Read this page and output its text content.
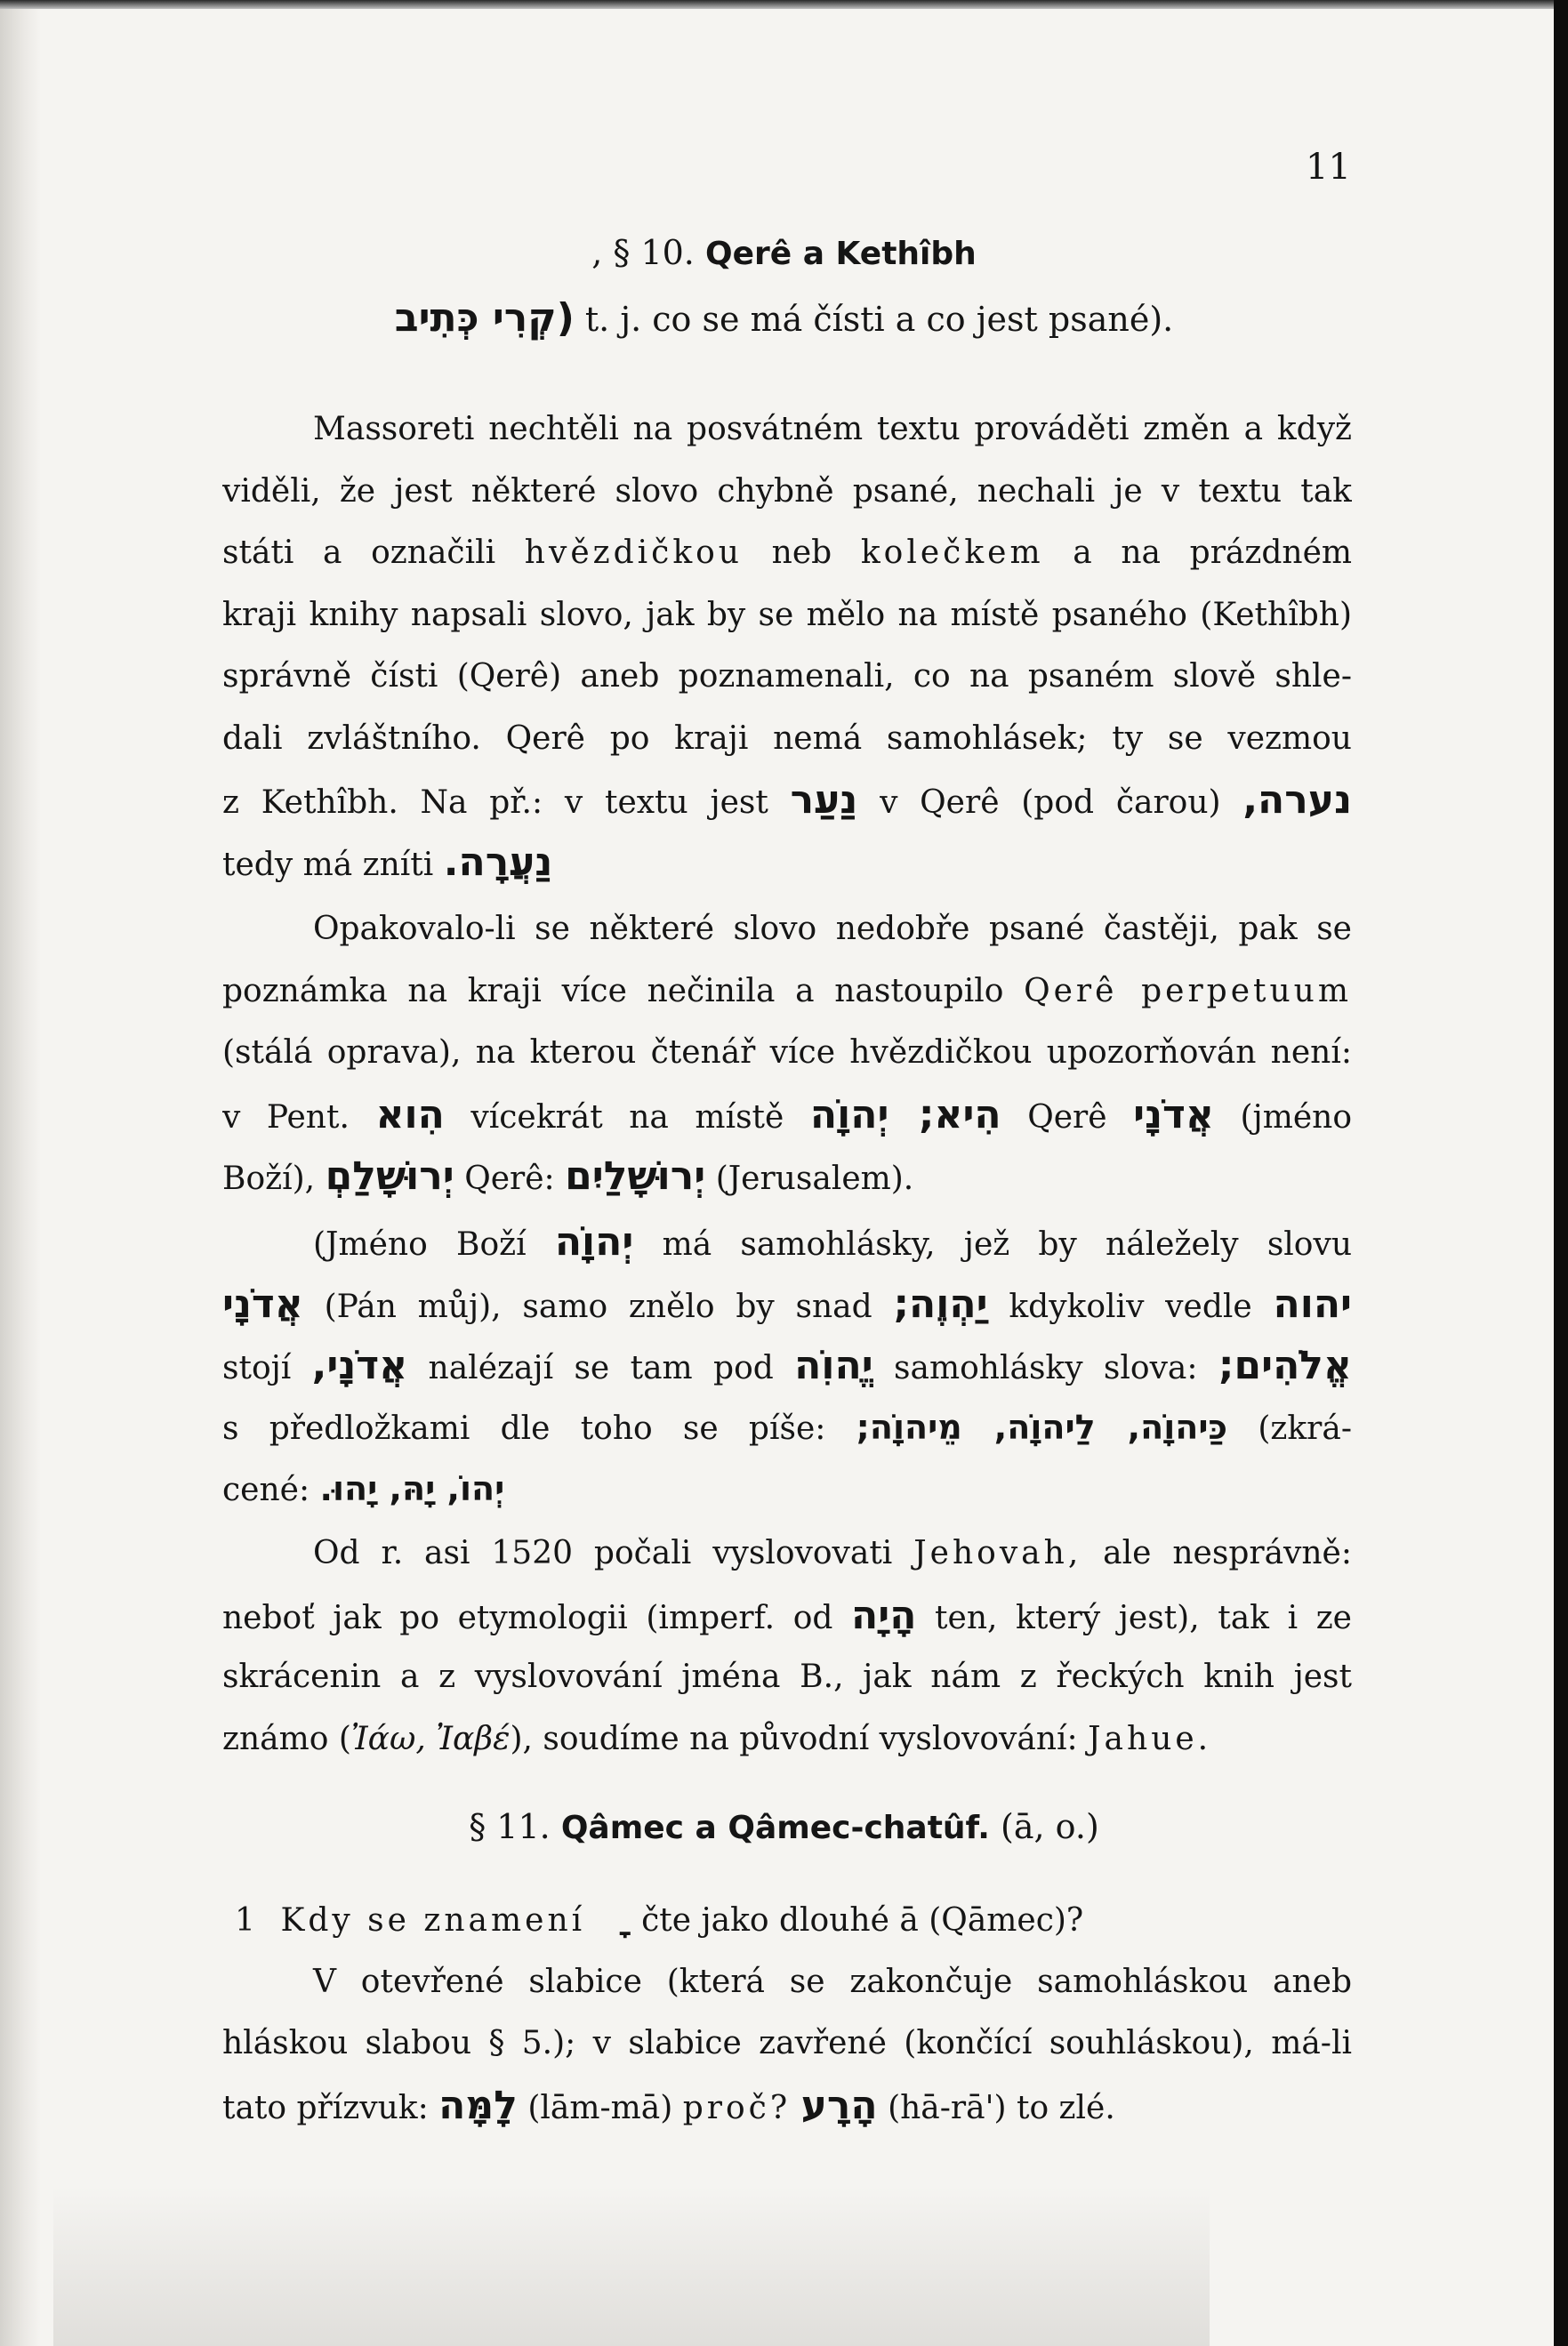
11
, § 10. Qerê a Kethîbh
(קְרִי כְּתִיב t. j. co se má čísti a co jest psané).
Massoreti nechtěli na posvátném textu prováděti změn a když
viděli, že jest některé slovo chybně psané, nechali je v textu tak
státi a označili hvězdičkou neb kolečkem a na prázdném
kraji knihy napsali slovo, jak by se mělo na místě psaného (Kethîbh)
správně čísti (Qerê) aneb poznamenali, co na psaném slově shle-
dali zvláštního. Qerê po kraji nemá samohlásek; ty se vezmou
z Kethîbh. Na př.: v textu jest נַעַר v Qerê (pod čarou) נערה,
tedy má zníti נַעֲרָה.
Opakovalo-li se některé slovo nedobře psané častěji, pak se
poznámka na kraji více nečinila a nastoupilo Qerê perpetuum
(stálá oprava), na kterou čtenář více hvězdičkou upozorňován není:
v Pent. הִוא vícekrát na místě הִיא; יְהוָֹה Qerê אֲדֹנָי (jméno
Boží), יְרוּשָׁלַםְ Qerê: יְרוּשָׁלַיִם (Jerusalem).
(Jméno Boží יְהוָֹה má samohlásky, jež by náležely slovu
אֲדֹנָי (Pán můj), samo znělo by snad יַהְוֶה; kdykoliv vedle יהוה
stojí אֲדֹנָי, nalézají se tam pod יֱהוִֹה samohlásky slova: אֱלֹהִים;
s předložkami dle toho se píše: כַּיהוָֹה, לַיהוָֹה, מֵיהוָֹה; (zkrá-
cené: יְהוֹ, יָהּ, יָהוּ.
Od r. asi 1520 počali vyslovovati Jehovah, ale nesprávně:
neboť jak po etymologii (imperf. od הָיָה ten, který jest), tak i ze
skrácenin a z vyslovování jména B., jak nám z řeckých knih jest
známo (Ἰάω, Ἰαβέ), soudíme na původní vyslovování: Jahue.
§ 11. Qâmec a Qâmec-chatûf. (ā, o.)
1 Kdy se znamení čte jako dlouhé ā (Qāmec)?
V otevřené slabice (která se zakončuje samohláskou aneb
hláskou slabou § 5.); v slabice zavřené (končící souhláskou), má-li
tato přízvuk: לָמָּה (lām-mā) proč? הָרָע (hā-rā') to zlé.
